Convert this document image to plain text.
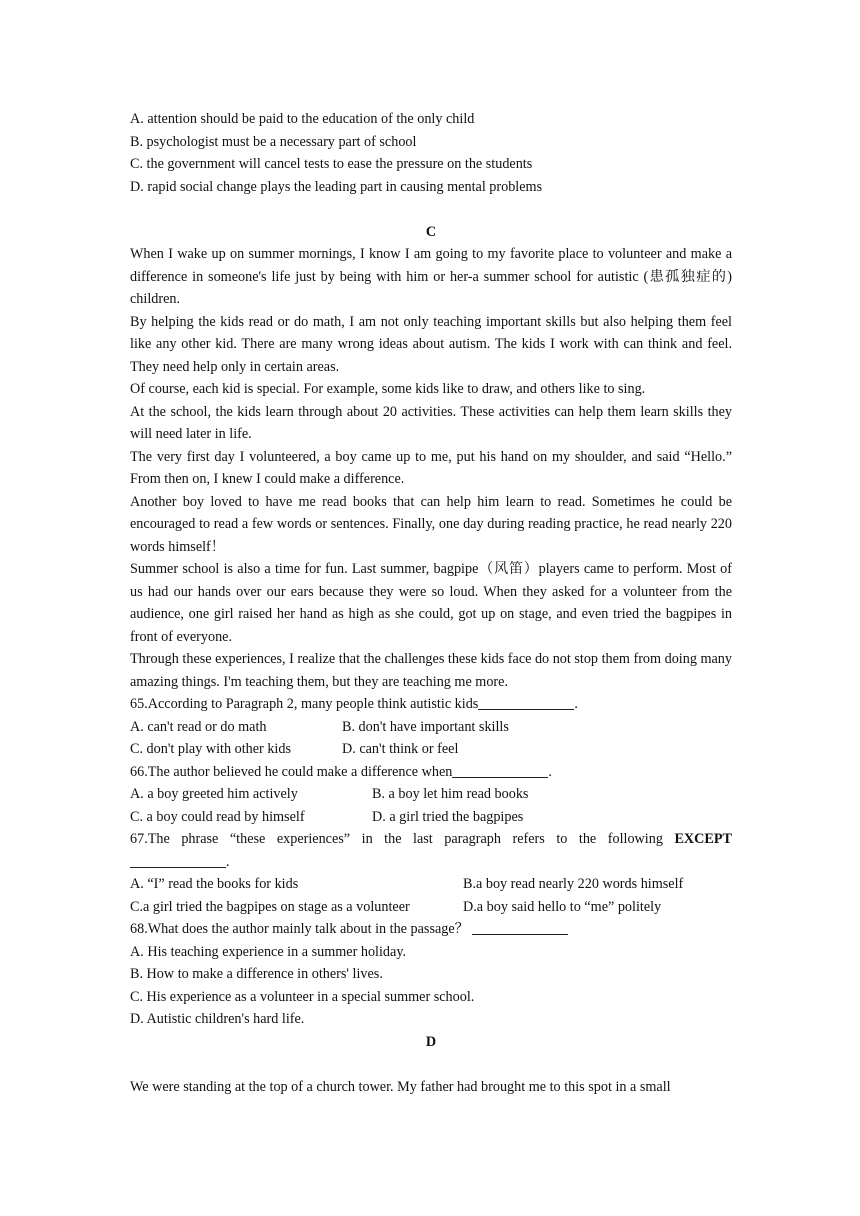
A. attention should be paid to the education of the only child

B. psychologist must be a necessary part of school

C. the government will cancel tests to ease the pressure on the students

D. rapid social change plays the leading part in causing mental problems

C

When I wake up on summer mornings, I know I am going to my favorite place to volunteer and make a difference in someone's life just by being with him or her-a summer school for autistic (患孤独症的) children.

By helping the kids read or do math, I am not only teaching important skills but also helping them feel like any other kid. There are many wrong ideas about autism. The kids I work with can think and feel. They need help only in certain areas.

Of course, each kid is special. For example, some kids like to draw, and others like to sing.

At the school, the kids learn through about 20 activities. These activities can help them learn skills they will need later in life.

The very first day I volunteered, a boy came up to me, put his hand on my shoulder, and said “Hello.” From then on, I knew I could make a difference.

Another boy loved to have me read books that can help him learn to read. Sometimes he could be encouraged to read a few words or sentences. Finally, one day during reading practice, he read nearly 220 words himself！

Summer school is also a time for fun. Last summer, bagpipe（风笛）players came to perform. Most of us had our hands over our ears because they were so loud. When they asked for a volunteer from the audience, one girl raised her hand as high as she could, got up on stage, and even tried the bagpipes in front of everyone.

Through these experiences, I realize that the challenges these kids face do not stop them from doing many amazing things. I'm teaching them, but they are teaching me more.

65.According to Paragraph 2, many people think autistic kids	.

A. can't read or do math	B. don't have important skills
C. don't play with other kids	D. can't think or feel

66.The author believed he could make a difference when	.

A. a boy greeted him actively	B. a boy let him read books
C. a boy could read by himself	D. a girl tried the bagpipes

67.The phrase “these experiences” in the last paragraph refers to the following EXCEPT .

A. “I” read the books for kids	B.a boy read nearly 220 words himself
C.a girl tried the bagpipes on stage as a volunteer	D.a boy said hello to “me” politely

68.What does the author mainly talk about in the passage？

A. His teaching experience in a summer holiday.

B. How to make a difference in others' lives.

C. His experience as a volunteer in a special summer school.

D. Autistic children's hard life.

D

We were standing at the top of a church tower. My father had brought me to this spot in a small
